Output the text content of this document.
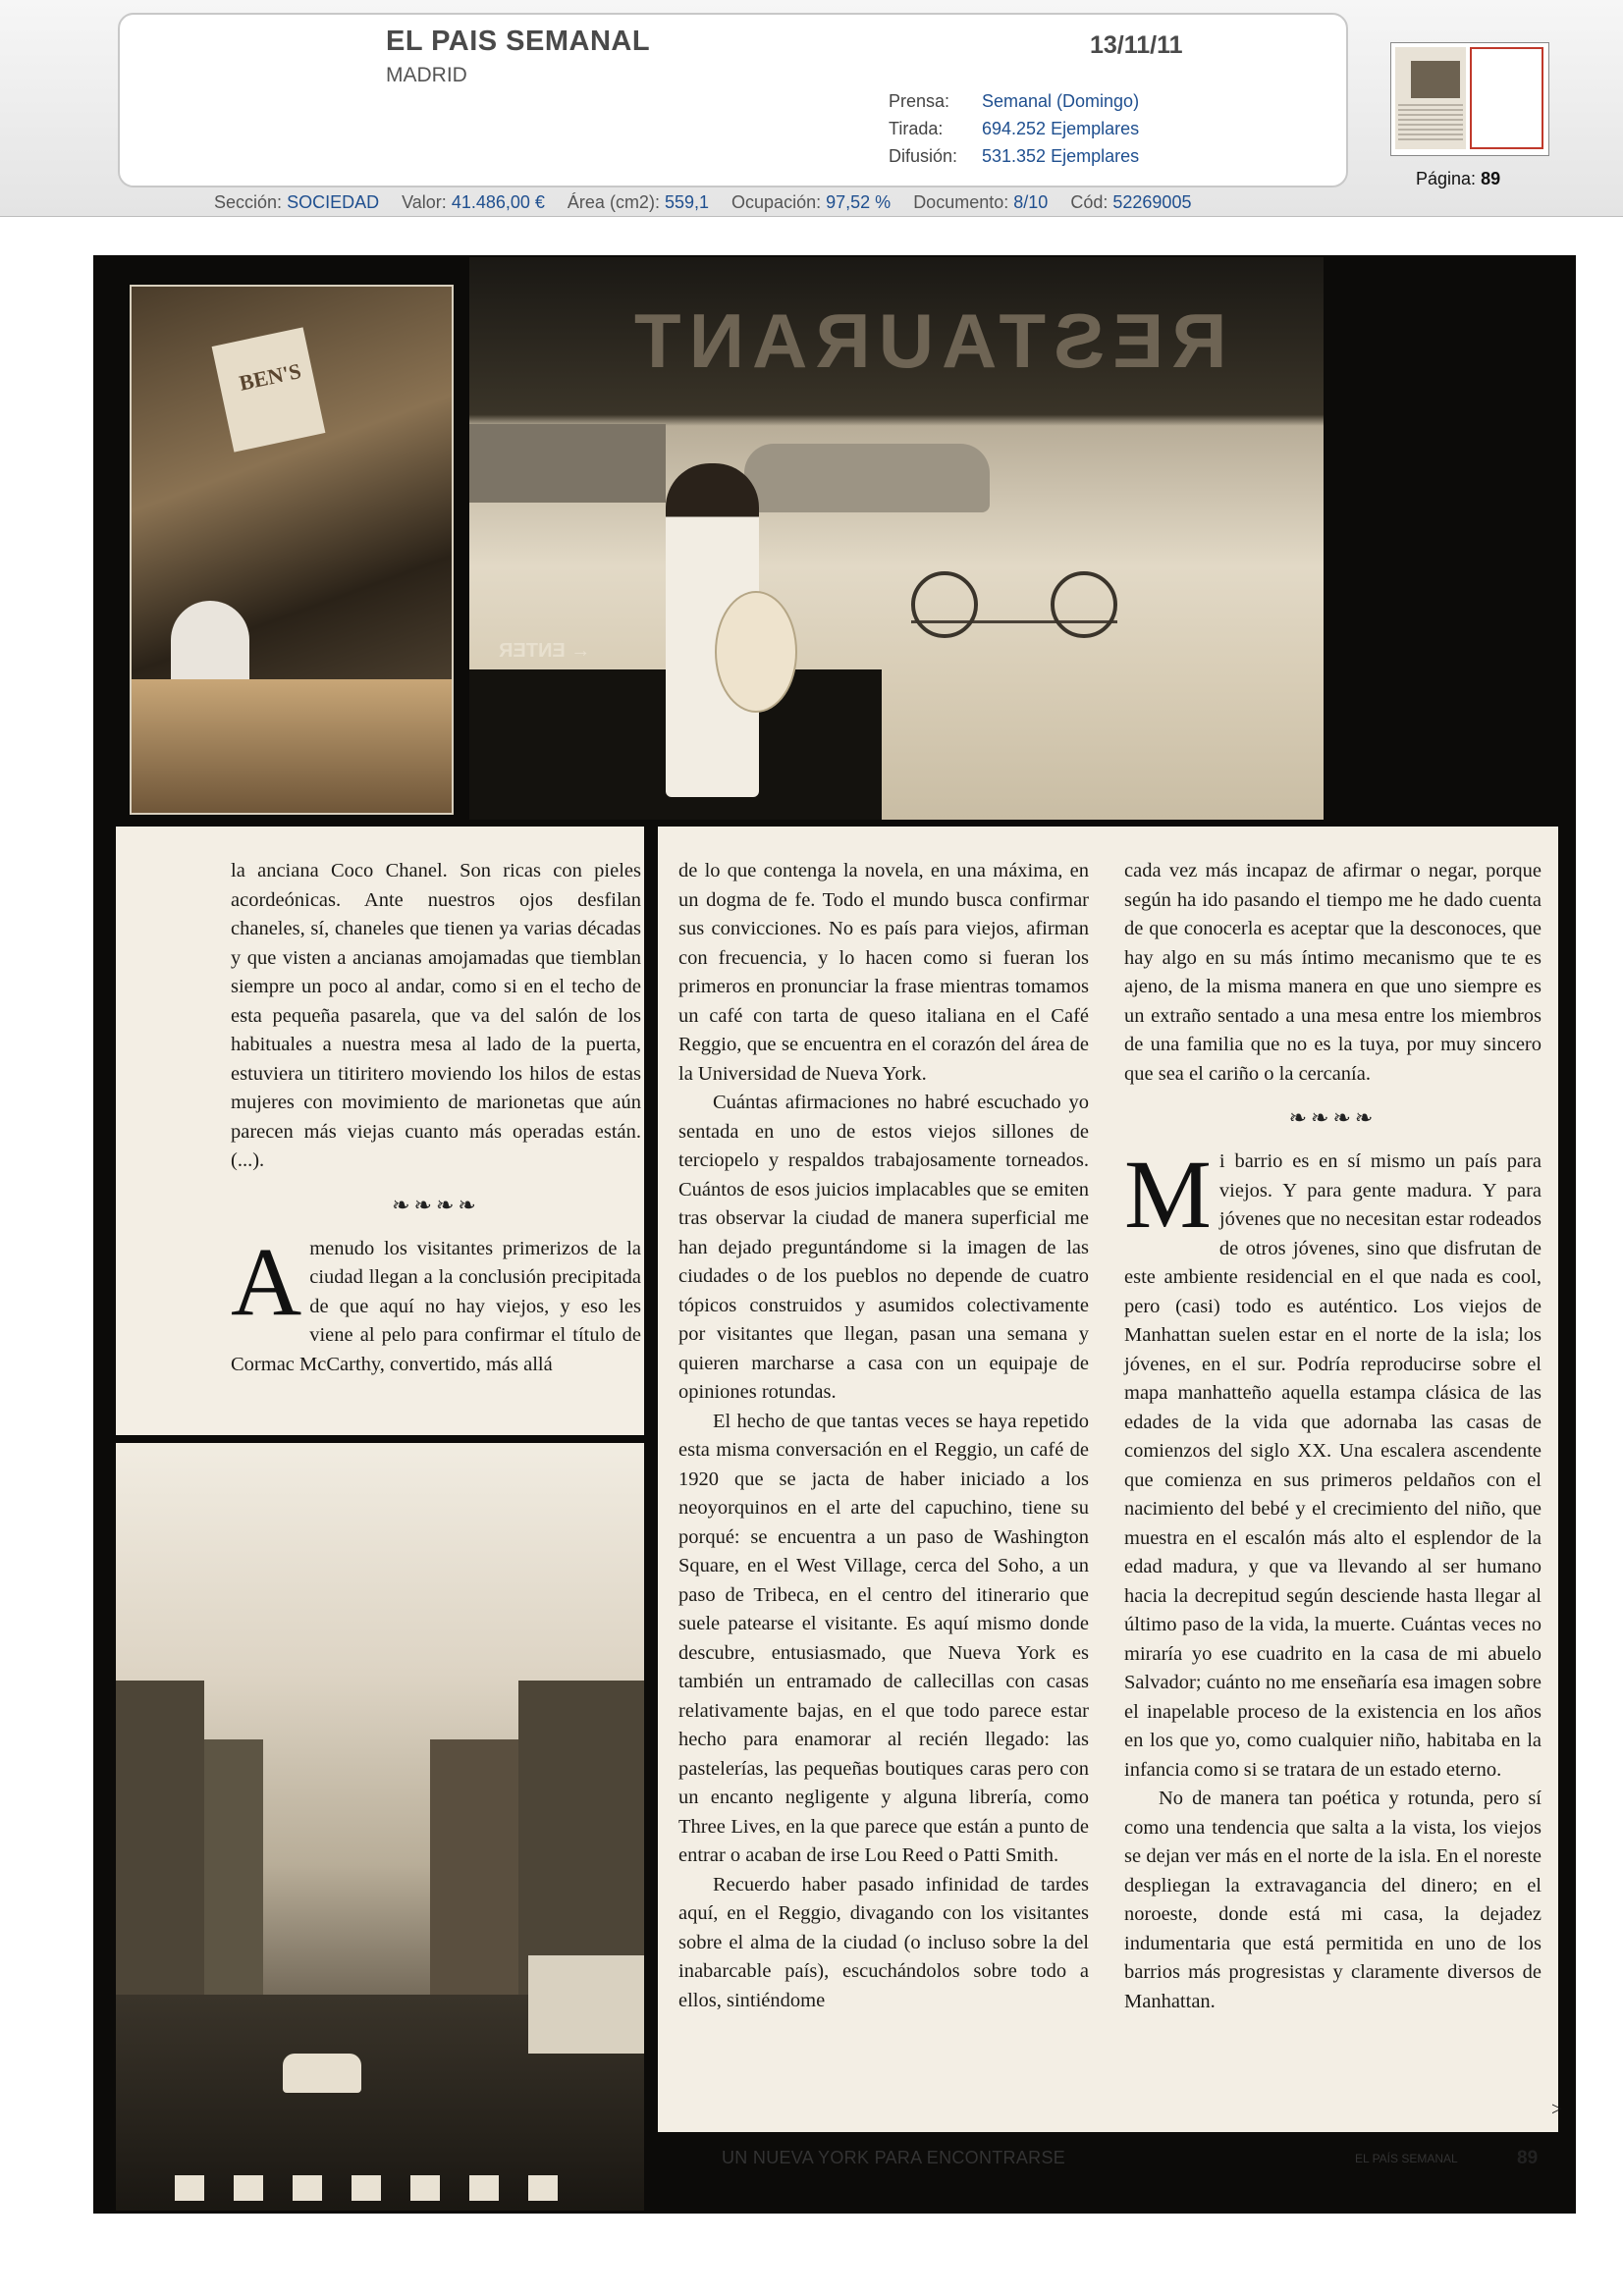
EL PAIS SEMANAL
MADRID
13/11/11
Prensa: Semanal (Domingo)
Tirada: 694.252 Ejemplares
Difusión: 531.352 Ejemplares
Página: 89
Sección: SOCIEDAD Valor: 41.486,00 € Área (cm2): 559,1 Ocupación: 97,52 % Documento: 8/10 Cód: 52269005
BEN'S	RESTAURANT
← ENTER

la anciana Coco Chanel. Son ricas con pieles acordeónicas. Ante nuestros ojos desfilan chaneles, sí, chaneles que tienen ya varias décadas y que visten a ancianas amojamadas que tiemblan siempre un poco al andar, como si en el techo de esta pequeña pasarela, que va del salón de los habituales a nuestra mesa al lado de la puerta, estuviera un titiritero moviendo los hilos de estas mujeres con movimiento de marionetas que aún parecen más viejas cuanto más operadas están. (...).

❧❧❧❧

Amenudo los visitantes primerizos de la ciudad llegan a la conclusión precipitada de que aquí no hay viejos, y eso les viene al pelo para confirmar el título de Cormac McCarthy, convertido, más allá

de lo que contenga la novela, en una máxima, en un dogma de fe. Todo el mundo busca confirmar sus convicciones. No es país para viejos, afirman con frecuencia, y lo hacen como si fueran los primeros en pronunciar la frase mientras tomamos un café con tarta de queso italiana en el Café Reggio, que se encuentra en el corazón del área de la Universidad de Nueva York.

Cuántas afirmaciones no habré escuchado yo sentada en uno de estos viejos sillones de terciopelo y respaldos trabajosamente torneados. Cuántos de esos juicios implacables que se emiten tras observar la ciudad de manera superficial me han dejado preguntándome si la imagen de las ciudades o de los pueblos no depende de cuatro tópicos construidos y asumidos colectivamente por visitantes que llegan, pasan una semana y quieren marcharse a casa con un equipaje de opiniones rotundas.

El hecho de que tantas veces se haya repetido esta misma conversación en el Reggio, un café de 1920 que se jacta de haber iniciado a los neoyorquinos en el arte del capuchino, tiene su porqué: se encuentra a un paso de Washington Square, en el West Village, cerca del Soho, a un paso de Tribeca, en el centro del itinerario que suele patearse el visitante. Es aquí mismo donde descubre, entusiasmado, que Nueva York es también un entramado de callecillas con casas relativamente bajas, en el que todo parece estar hecho para enamorar al recién llegado: las pastelerías, las pequeñas boutiques caras pero con un encanto negligente y alguna librería, como Three Lives, en la que parece que están a punto de entrar o acaban de irse Lou Reed o Patti Smith.

Recuerdo haber pasado infinidad de tardes aquí, en el Reggio, divagando con los visitantes sobre el alma de la ciudad (o incluso sobre la del inabarcable país), escuchándolos sobre todo a ellos, sintiéndome

cada vez más incapaz de afirmar o negar, porque según ha ido pasando el tiempo me he dado cuenta de que conocerla es aceptar que la desconoces, que hay algo en su más íntimo mecanismo que te es ajeno, de la misma manera en que uno siempre es un extraño sentado a una mesa entre los miembros de una familia que no es la tuya, por muy sincero que sea el cariño o la cercanía.

❧❧❧❧

Mi barrio es en sí mismo un país para viejos. Y para gente madura. Y para jóvenes que no necesitan estar rodeados de otros jóvenes, sino que disfrutan de este ambiente residencial en el que nada es cool, pero (casi) todo es auténtico. Los viejos de Manhattan suelen estar en el norte de la isla; los jóvenes, en el sur. Podría reproducirse sobre el mapa manhatteño aquella estampa clásica de las edades de la vida que adornaba las casas de comienzos del siglo XX. Una escalera ascendente que comienza en sus primeros peldaños con el nacimiento del bebé y el crecimiento del niño, que muestra en el escalón más alto el esplendor de la edad madura, y que va llevando al ser humano hacia la decrepitud según desciende hasta llegar al último paso de la vida, la muerte. Cuántas veces no miraría yo ese cuadrito en la casa de mi abuelo Salvador; cuánto no me enseñaría esa imagen sobre el inapelable proceso de la existencia en los años en los que yo, como cualquier niño, habitaba en la infancia como si se tratara de un estado eterno.

No de manera tan poética y rotunda, pero sí como una tendencia que salta a la vista, los viejos se dejan ver más en el norte de la isla. En el noreste despliegan la extravagancia del dinero; en el noroeste, donde está mi casa, la dejadez indumentaria que está permitida en uno de los barrios más progresistas y claramente diversos de Manhattan.

>
UN NUEVA YORK PARA ENCONTRARSE	EL PAÍS SEMANAL	89
